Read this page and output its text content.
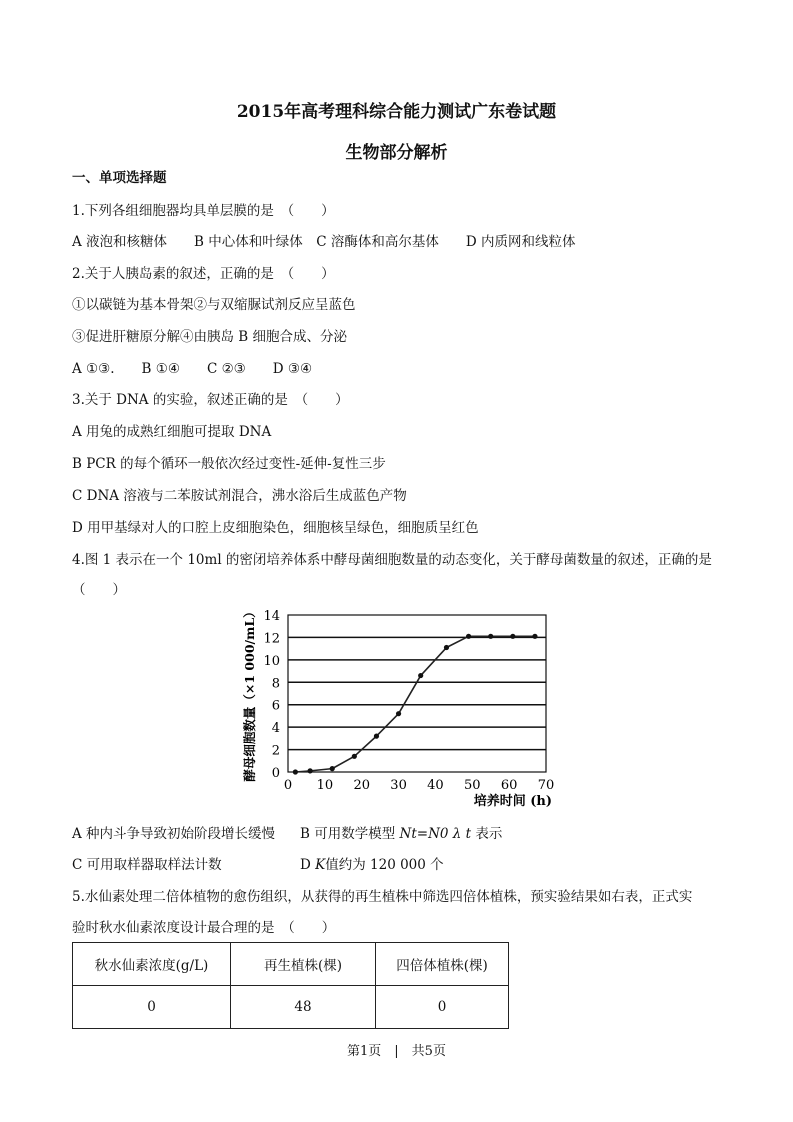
2015年高考理科综合能力测试广东卷试题
生物部分解析
一、单项选择题
1.下列各组细胞器均具单层膜的是　（　　）
A 液泡和核糖体　　B 中心体和叶绿体　C 溶酶体和高尔基体　　D 内质网和线粒体
2.关于人胰岛素的叙述，正确的是　（　　）
①以碳链为基本骨架②与双缩脲试剂反应呈蓝色
③促进肝糖原分解④由胰岛 B 细胞合成、分泌
A ①③.　　B ①④　　C ②③　　D ③④
3.关于 DNA 的实验，叙述正确的是　（　　）
A 用兔的成熟红细胞可提取 DNA
B PCR 的每个循环一般依次经过变性-延伸-复性三步
C DNA 溶液与二苯胺试剂混合，沸水浴后生成蓝色产物
D 用甲基绿对人的口腔上皮细胞染色，细胞核呈绿色，细胞质呈红色
4.图 1 表示在一个 10ml 的密闭培养体系中酵母菌细胞数量的动态变化，关于酵母菌数量的叙述，正确的是
（　　）
0
2
4
6
8
10
12
14
0 10 20 30 40 50 60 70
培养时间 (h)
酵母细胞数量（×1 000/mL）
A 种内斗争导致初始阶段增长缓慢 B 可用数学模型 Nt=N0 λ t 表示
C 可用取样器取样法计数	D K值约为 120 000 个
5.水仙素处理二倍体植物的愈伤组织，从获得的再生植株中筛选四倍体植株，预实验结果如右表，正式实
验时秋水仙素浓度设计最合理的是　（　　）
秋水仙素浓度(g/L)	再生植株(棵)	四倍体植株(棵)
0	48	0
第1页　|　共5页
